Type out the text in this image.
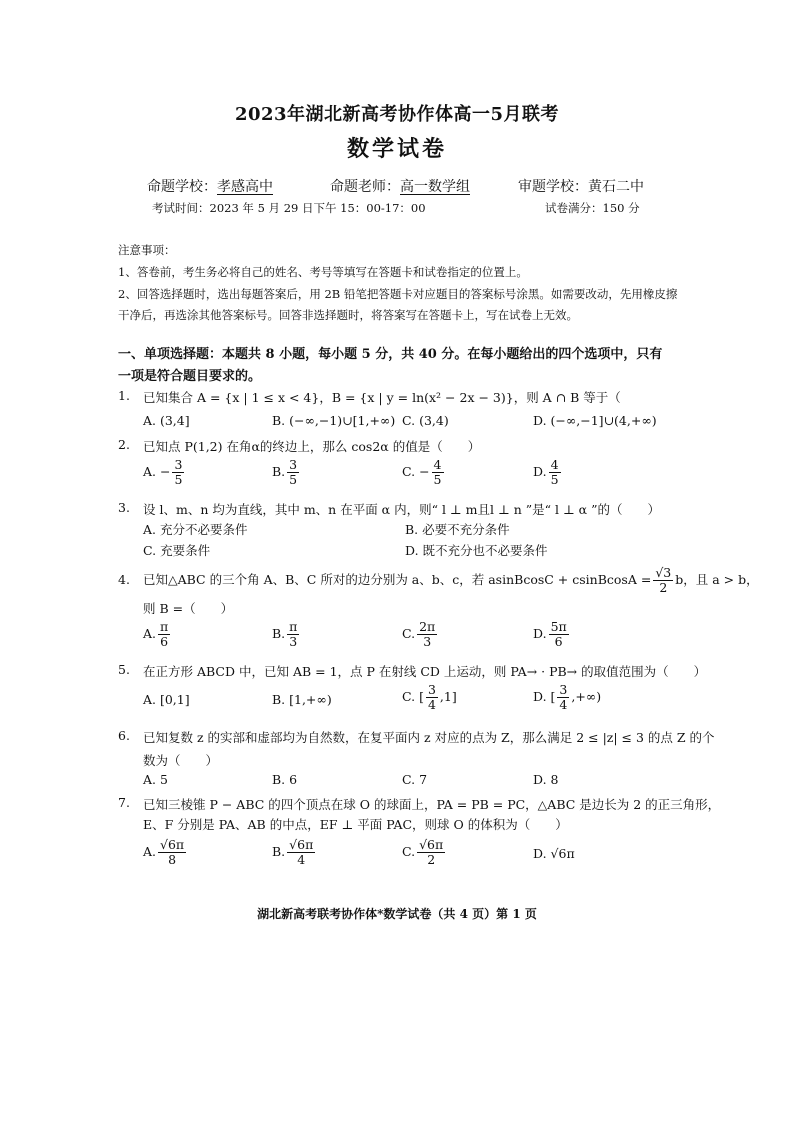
2023年湖北新高考协作体高一5月联考
数学试卷
命题学校：孝感高中	命题老师：高一数学组	审题学校：黄石二中
考试时间：2023 年 5 月 29 日下午 15：00-17：00	试卷满分：150 分
注意事项：
1、答卷前，考生务必将自己的姓名、考号等填写在答题卡和试卷指定的位置上。
2、回答选择题时，选出每题答案后，用 2B 铅笔把答题卡对应题目的答案标号涂黑。如需要改动，先用橡皮擦
干净后，再选涂其他答案标号。回答非选择题时，将答案写在答题卡上，写在试卷上无效。
一、单项选择题：本题共 8 小题，每小题 5 分，共 40 分。在每小题给出的四个选项中，只有
一项是符合题目要求的。
1. 已知集合 A = {x | 1 ≤ x < 4}，B = {x | y = ln(x² − 2x − 3)}，则 A ∩ B 等于（
A. (3,4]	B. (−∞,−1)∪[1,+∞) C. (3,4)	D. (−∞,−1]∪(4,+∞)
2. 已知点 P(1,2) 在角α的终边上，那么 cos2α 的值是（　　）
A. − $\frac{3}{5}$	B. $\frac{3}{5}$	C. − $\frac{4}{5}$	D. $\frac{4}{5}$
3. 设 l、m、n 均为直线，其中 m、n 在平面 α 内，则“ l ⊥ m且l ⊥ n ”是“ l ⊥ α ”的（　　）
A. 充分不必要条件	B. 必要不充分条件
C. 充要条件	D. 既不充分也不必要条件
4. 已知△ABC 的三个角 A、B、C 所对的边分别为 a、b、c，若 asinBcosC + csinBcosA = $\frac{√3}{2}$ b，且 a > b，
则 B =（　　）
A. $\frac{\pi}{6}$	B. $\frac{\pi}{3}$	C. $\frac{2\pi}{3}$	D. $\frac{5\pi}{6}$
5. 在正方形 ABCD 中，已知 AB = 1，点 P 在射线 CD 上运动，则 PA→ · PB→ 的取值范围为（　　）
A. [0,1]	B. [1,+∞)	C. [ $\frac{3}{4} ,1$]	D. [ $\frac{3}{4}$ ,+∞)
6. 已知复数 z 的实部和虚部均为自然数，在复平面内 z 对应的点为 Z，那么满足 2 ≤ |z| ≤ 3 的点 Z 的个
数为（　　）
A. 5	B. 6	C. 7	D. 8
7. 已知三棱锥 P − ABC 的四个顶点在球 O 的球面上，PA = PB = PC，△ABC 是边长为 2 的正三角形，
E、F 分别是 PA、AB 的中点，EF ⊥ 平面 PAC，则球 O 的体积为（　　）
A. $\frac{√6\pi}{8}$	B. $\frac{√6\pi}{4}$	C. $\frac{√6\pi}{2}$	D. √6π
湖北新高考联考协作体*数学试卷（共 4 页）第 1 页
